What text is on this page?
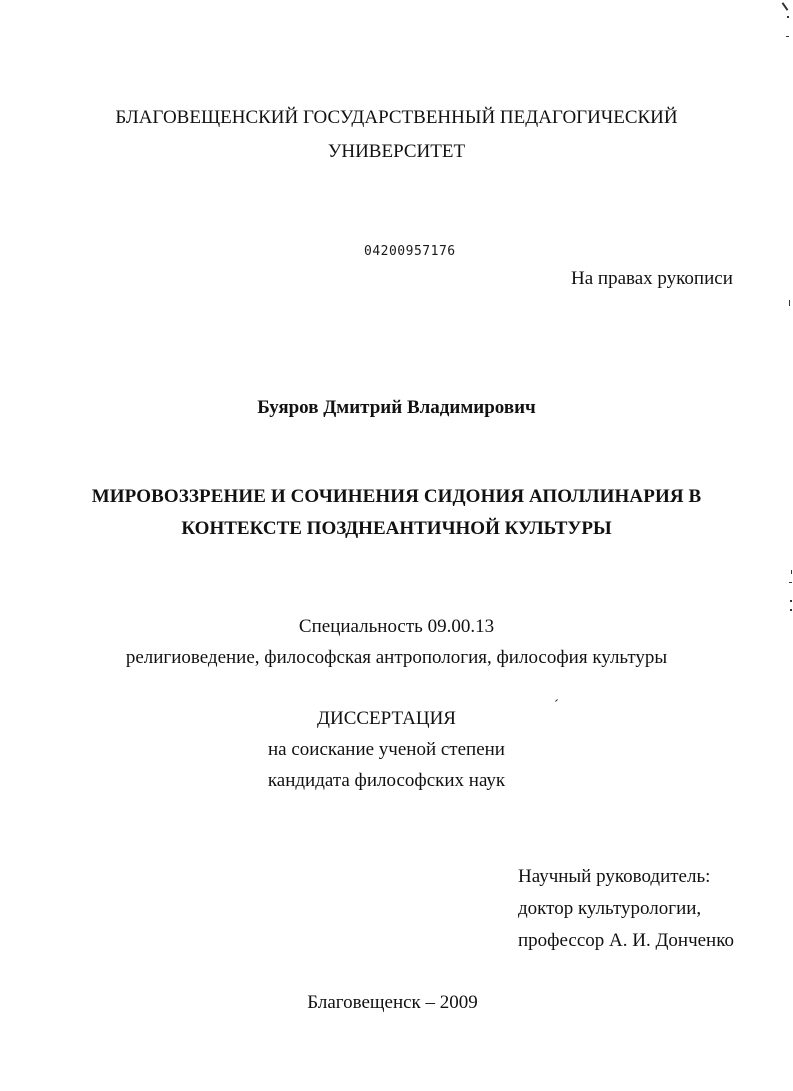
БЛАГОВЕЩЕНСКИЙ ГОСУДАРСТВЕННЫЙ ПЕДАГОГИЧЕСКИЙ
УНИВЕРСИТЕТ
04200957176
На правах рукописи
Буяров Дмитрий Владимирович
МИРОВОЗЗРЕНИЕ И СОЧИНЕНИЯ СИДОНИЯ АПОЛЛИНАРИЯ В
КОНТЕКСТЕ ПОЗДНЕАНТИЧНОЙ КУЛЬТУРЫ
Специальность 09.00.13
религиоведение, философская антропология, философия культуры
ДИССЕРТАЦИЯ
на соискание ученой степени
кандидата философских наук
Научный руководитель:
доктор культурологии,
профессор А. И. Донченко
Благовещенск – 2009
